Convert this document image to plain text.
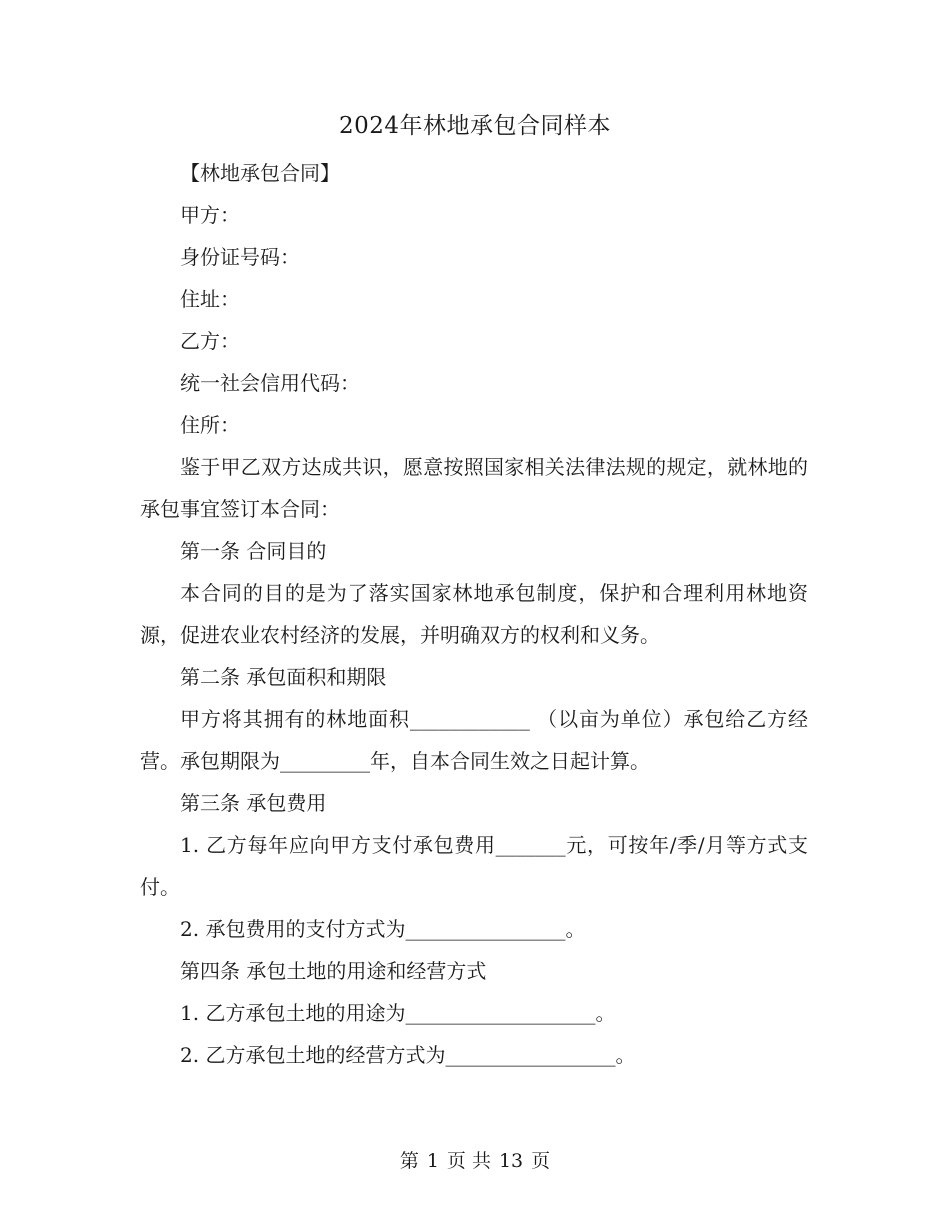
2024年林地承包合同样本

【林地承包合同】

甲方：

身份证号码：

住址：

乙方：

统一社会信用代码：

住所：

鉴于甲乙双方达成共识，愿意按照国家相关法律法规的规定，就林地的承包事宜签订本合同：

第一条 合同目的

本合同的目的是为了落实国家林地承包制度，保护和合理利用林地资源，促进农业农村经济的发展，并明确双方的权利和义务。

第二条 承包面积和期限

甲方将其拥有的林地面积____________ （以亩为单位）承包给乙方经营。承包期限为_________年，自本合同生效之日起计算。

第三条 承包费用

1. 乙方每年应向甲方支付承包费用_______元，可按年/季/月等方式支付。

2. 承包费用的支付方式为________________。

第四条 承包土地的用途和经营方式

1. 乙方承包土地的用途为___________________。

2. 乙方承包土地的经营方式为_________________。

第 1 页 共 13 页
